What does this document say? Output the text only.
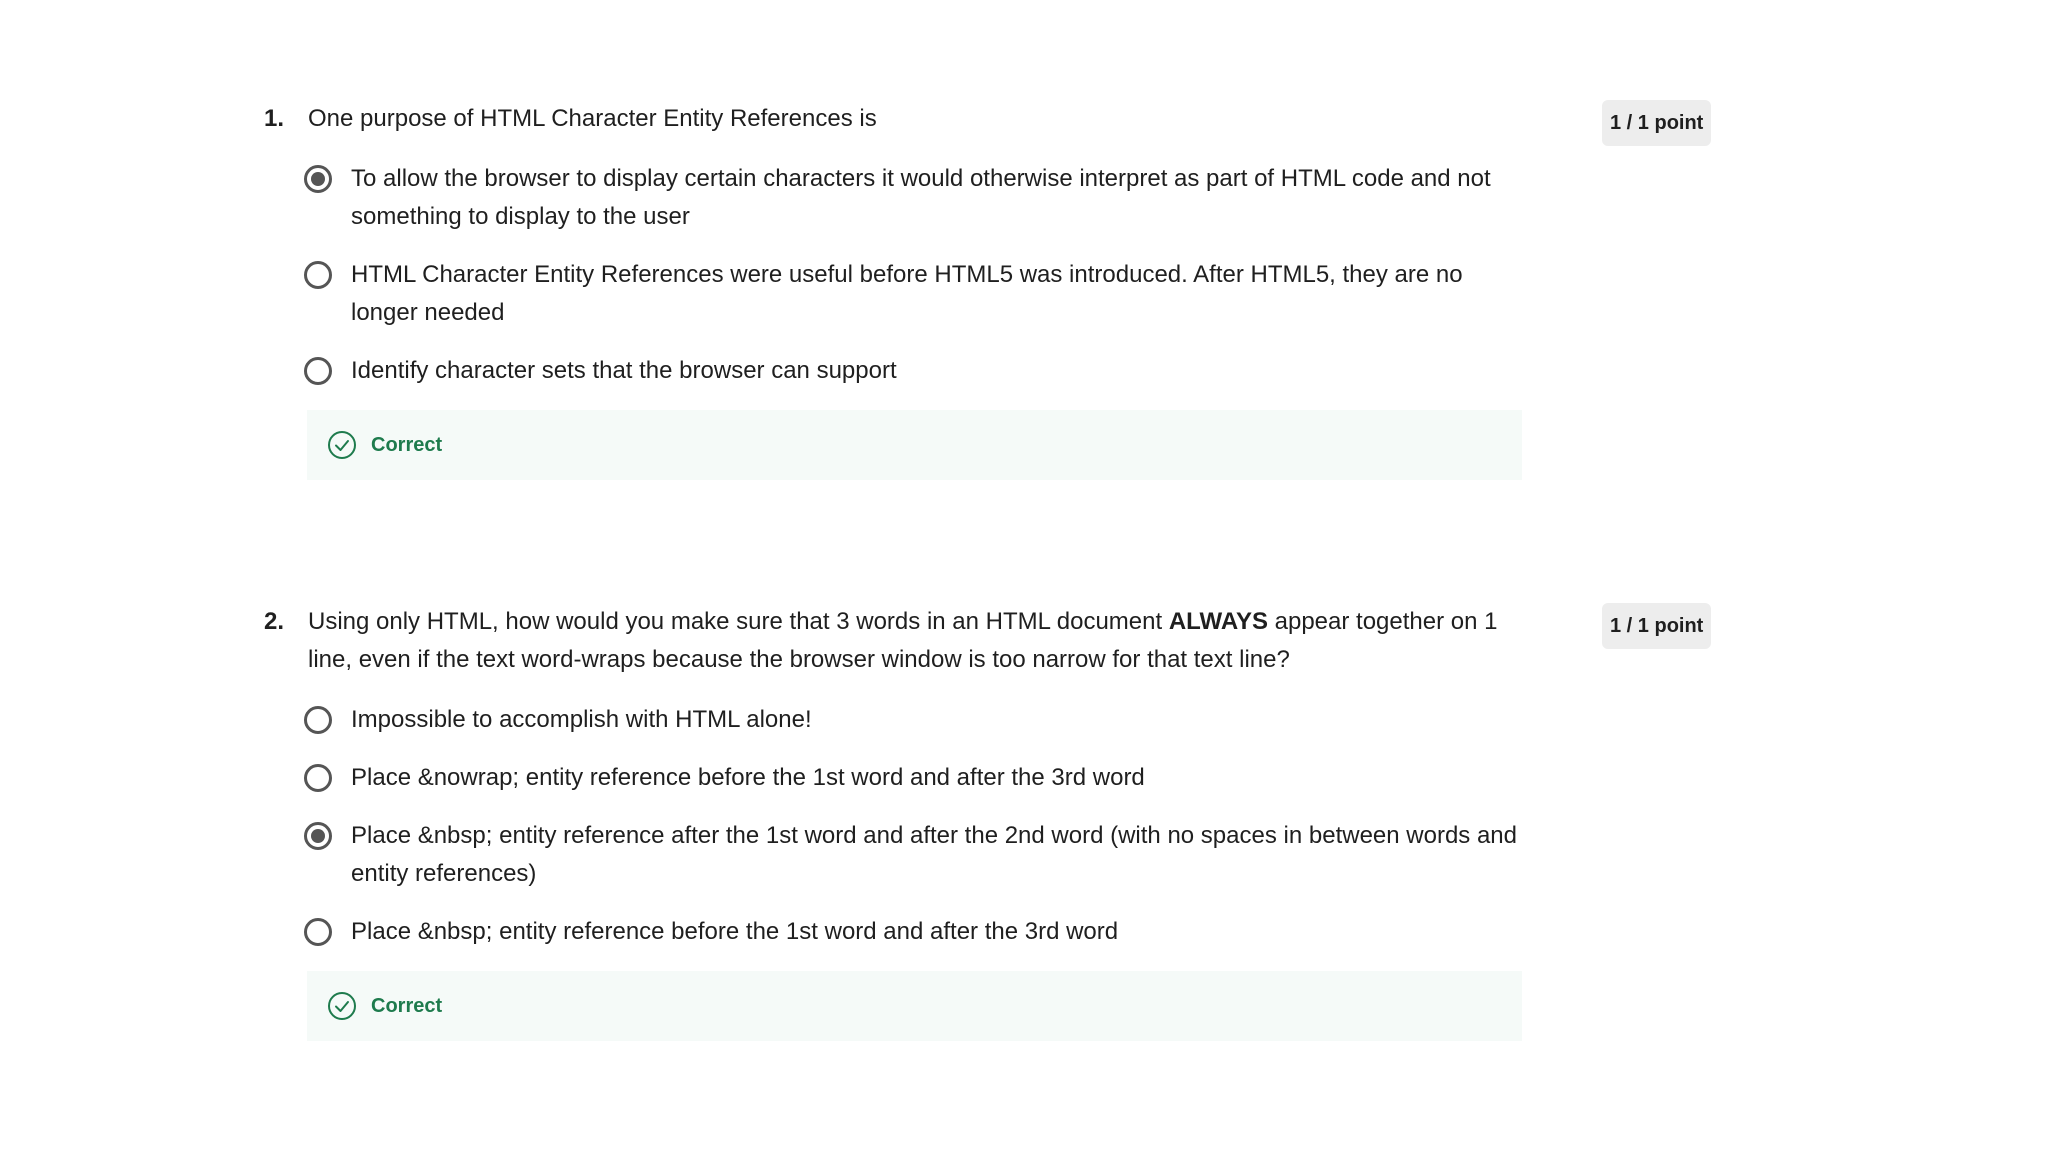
1. One purpose of HTML Character Entity References is	1 / 1 point
To allow the browser to display certain characters it would otherwise interpret as part of HTML code and not something to display to the user
HTML Character Entity References were useful before HTML5 was introduced. After HTML5, they are no longer needed
Identify character sets that the browser can support
Correct
2. Using only HTML, how would you make sure that 3 words in an HTML document ALWAYS appear together on 1 line, even if the text word-wraps because the browser window is too narrow for that text line?
1 / 1 point
Impossible to accomplish with HTML alone!
Place &nowrap; entity reference before the 1st word and after the 3rd word
Place &nbsp; entity reference after the 1st word and after the 2nd word (with no spaces in between words and entity references)
Place &nbsp; entity reference before the 1st word and after the 3rd word
Correct
